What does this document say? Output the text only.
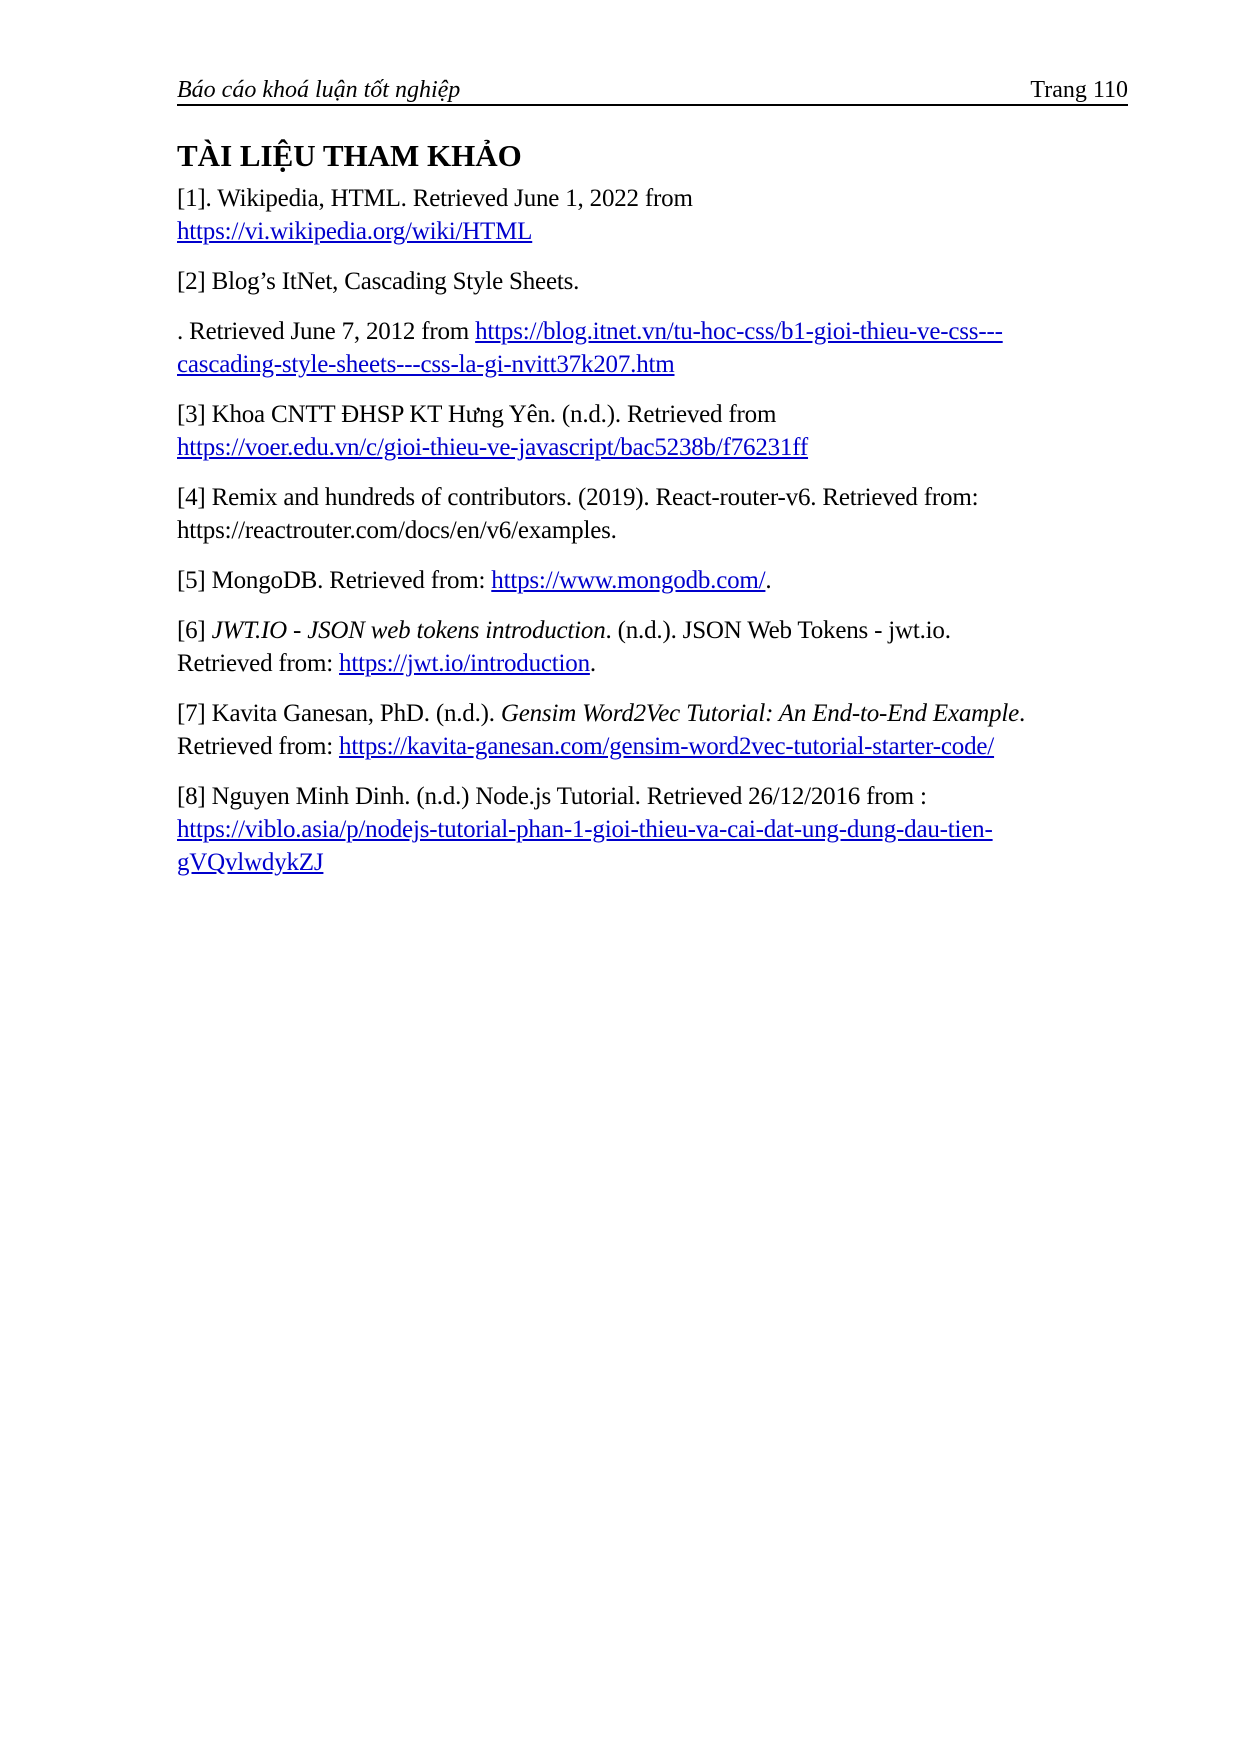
Báo cáo khoá luận tốt nghiệp	Trang 110
TÀI LIỆU THAM KHẢO
[1]. Wikipedia, HTML. Retrieved June 1, 2022 from
https://vi.wikipedia.org/wiki/HTML
[2] Blog’s ItNet, Cascading Style Sheets.
. Retrieved June 7, 2012 from https://blog.itnet.vn/tu-hoc-css/b1-gioi-thieu-ve-css---
cascading-style-sheets---css-la-gi-nvitt37k207.htm
[3] Khoa CNTT ĐHSP KT Hưng Yên. (n.d.). Retrieved from
https://voer.edu.vn/c/gioi-thieu-ve-javascript/bac5238b/f76231ff
[4] Remix and hundreds of contributors. (2019). React-router-v6. Retrieved from:
https://reactrouter.com/docs/en/v6/examples.
[5] MongoDB. Retrieved from: https://www.mongodb.com/.
[6] JWT.IO - JSON web tokens introduction. (n.d.). JSON Web Tokens - jwt.io.
Retrieved from: https://jwt.io/introduction.
[7] Kavita Ganesan, PhD. (n.d.). Gensim Word2Vec Tutorial: An End-to-End Example.
Retrieved from: https://kavita-ganesan.com/gensim-word2vec-tutorial-starter-code/
[8] Nguyen Minh Dinh. (n.d.) Node.js Tutorial. Retrieved 26/12/2016 from :
https://viblo.asia/p/nodejs-tutorial-phan-1-gioi-thieu-va-cai-dat-ung-dung-dau-tien-
gVQvlwdykZJ
